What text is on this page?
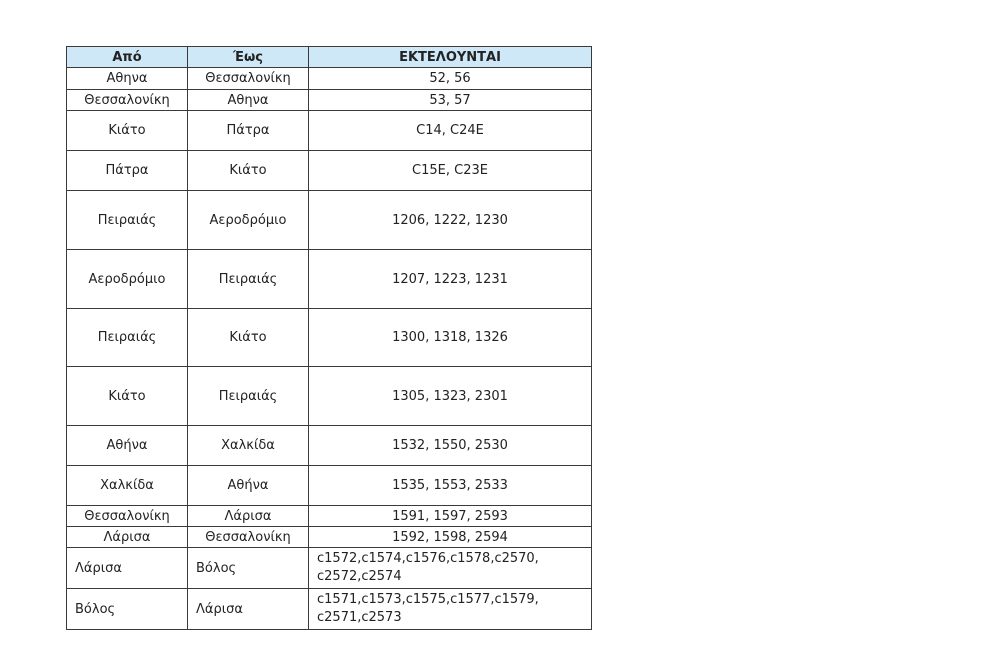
Από	Έως	ΕΚΤΕΛΟΥΝΤΑΙ
Αθηνα	Θεσσαλονίκη	52, 56
Θεσσαλονίκη	Αθηνα	53, 57
Κιάτο	Πάτρα	C14, C24E
Πάτρα	Κιάτο	C15E, C23E
Πειραιάς	Αεροδρόμιο	1206, 1222, 1230
Αεροδρόμιο	Πειραιάς	1207, 1223, 1231
Πειραιάς	Κιάτο	1300, 1318, 1326
Κιάτο	Πειραιάς	1305, 1323, 2301
Αθήνα	Χαλκίδα	1532, 1550, 2530
Χαλκίδα	Αθήνα	1535, 1553, 2533
Θεσσαλονίκη	Λάρισα	1591, 1597, 2593
Λάρισα	Θεσσαλονίκη	1592, 1598, 2594
Λάρισα	Βόλος	c1572,c1574,c1576,c1578,c2570, c2572,c2574
Βόλος	Λάρισα	c1571,c1573,c1575,c1577,c1579, c2571,c2573
